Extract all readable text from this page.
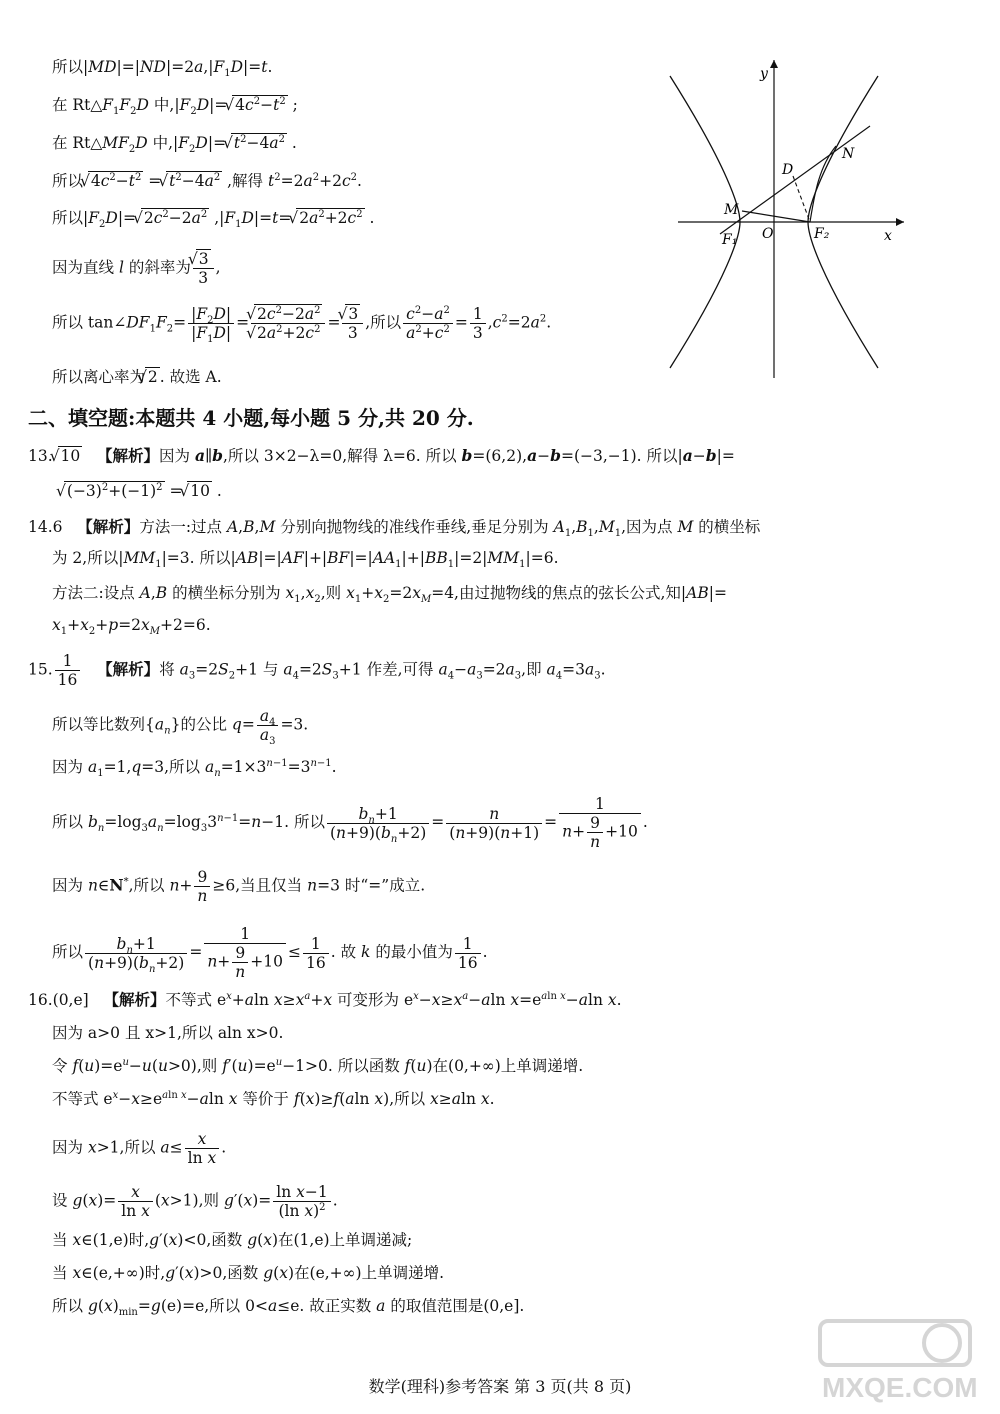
所以$|MD|=|ND|=2a,|F_1D|=t$.
在 $Rt\triangle F_1F_2D$ 中$,|F_2D|=$ √ $4c^2-t^2$ ;
在 $Rt\triangle MF_2D$ 中$,|F_2D|=$ √ $t^2-4a^2$ .
所以 √ $4c^2-t^2$ = √ $t^2-4a^2$ ,解得 $t^2=2a^2+2c^2$.
所以$|F_2D|=$ √ $2c^2-2a^2$ $,|F_1D|=t=$ √ $2a^2+2c^2$ .
因为直线 l 的斜率为 √ $\frac{3}{3}$ ,
所以 $\tan\angle DF_1F_2= \frac{|F_2D|}{|F_1D|}$ = √ $2c^2-2a^2$
√ $2a^2+2c^2$ = √ $\frac{3}{3}$ ,所以 $\frac{c^2-a^2}{a^2+c^2} = \frac{1}{3} ,c^2=2a^2$.
所以离心率为 √ 2 . 故选 A.
y
x
O
M
N
D
F₁	F₂
二、填空题:本题共 4 小题,每小题 5 分,共 20 分.
13. √ 10 【解析】因为 a∥b,所以 3×2−λ=0,解得 λ=6. 所以 b=(6,2),a−b=(−3,−1). 所以|a−b|=
√ $(-3)^2+(-1)^2$ = √ 10 .
14.6   【解析】方法一:过点 A,B,M 分别向抛物线的准线作垂线,垂足分别为 $A_1,B_1,M_1$,因为点 M 的横坐标
为 2,所以$|MM_1|=3$. 所以$|AB|=|AF|+|BF|=|AA_1|+|BB_1|=2|MM_1|=6$.
方法二:设点 A,B 的横坐标分别为 $x_1,x_2$,则 $x_1+x_2=2x_M=4$,由过抛物线的焦点的弦长公式,知|AB|=
$x_1+x_2+p=2x_M+2=6$.
15. $\frac{1}{16}$ 【解析】将 $a_3=2S_2+1$ 与 $a_4=2S_3+1$ 作差,可得 $a_4-a_3=2a_3$,即 $a_4=3a_3$.
所以等比数列$\{a_n\}$的公比 $q= \frac{a_4}{a_3} =3$.
因为 $a_1=1,q=3$,所以 $a_n=1\times 3^{n-1}=3^{n-1}$.
所以 $b_n=\log_3a_n=\log_33^{n-1}=n-1$. 所以 $\frac{b_n+1}{(n+9)(b_n+2)} = \frac{n}{(n+9)(n+1)} = \frac{1}{n+ \frac{9}{n} +10}$ .
因为 n∈N*,所以 $n+ \frac{9}{n} \ge 6$,当且仅当 n=3 时“=”成立.
所以 $\frac{b_n+1}{(n+9)(b_n+2)} = \frac{1}{n+ \frac{9}{n} +10} \le \frac{1}{16}$ . 故 k 的最小值为 $\frac{1}{16}$ .
16.(0,e]   【解析】不等式 $e^x+aln$ $x\ge x^a+x$ 可变形为 $e^x-x\ge x^a-aln$ $x=e^{aln x}-aln$ x.
因为 a>0 且 x>1,所以 aln x>0.
令 $f(u)=e^u-u(u>0)$,则 $f'(u)=e^u-1>0$. 所以函数 f(u)在(0,+∞)上单调递增.
不等式 $e^x-x\ge e^{aln x}-aln$ x 等价于 f(x)≥f(aln x),所以 x≥aln x.
因为 x>1,所以 $a\le \frac{x}{\text{ln x}}$ .
设 $g(x)= \frac{x}{\text{ln x}} (x>1)$,则 $g'(x)= \frac{\text{ln x−1}}{(\ln x)^2}$ .
当 x∈(1,e)时,g′(x)<0,函数 g(x)在(1,e)上单调递减;
当 x∈(e,+∞)时,g′(x)>0,函数 g(x)在(e,+∞)上单调递增.
所以 $g(x)_{min}=g(e)=e$,所以 0<a≤e. 故正实数 a 的取值范围是(0,e].
数学(理科)参考答案 第 3 页(共 8 页)	MXQE.COM
